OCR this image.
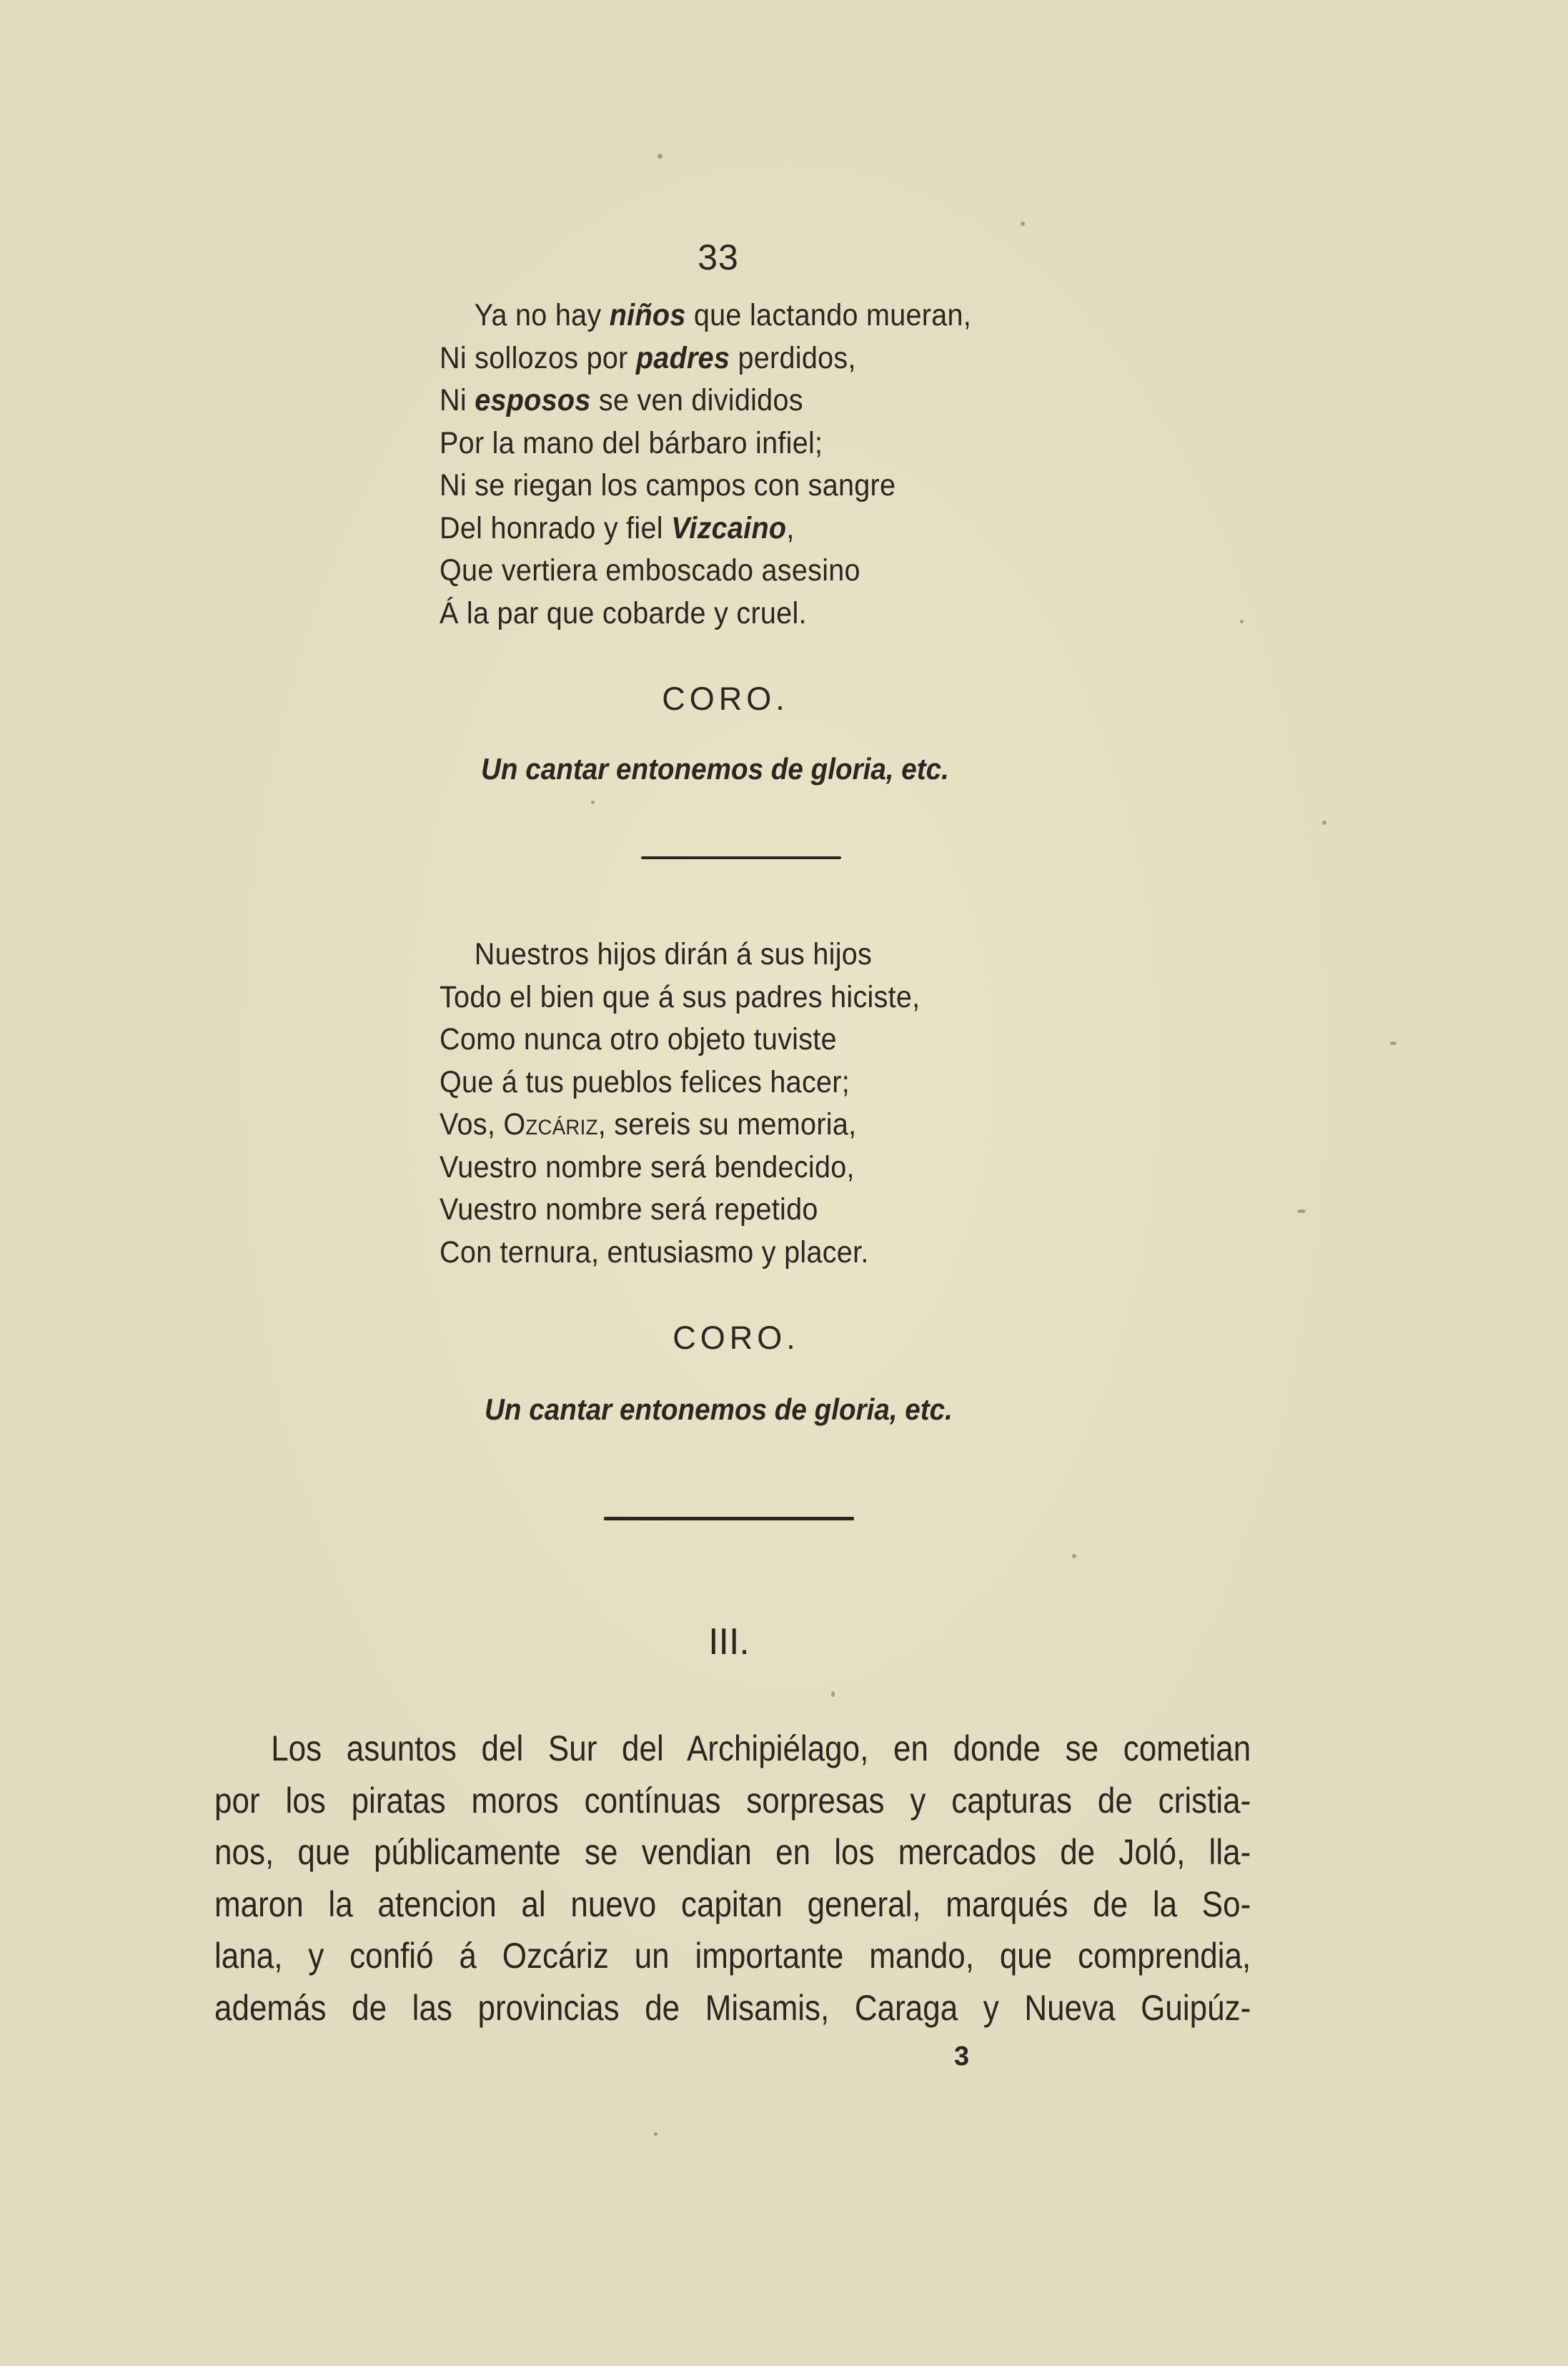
33
Ya no hay niños que lactando mueran,
Ni sollozos por padres perdidos,
Ni esposos se ven divididos
Por la mano del bárbaro infiel;
Ni se riegan los campos con sangre
Del honrado y fiel Vizcaino,
Que vertiera emboscado asesino
Á la par que cobarde y cruel.
CORO.
Un cantar entonemos de gloria, etc.
Nuestros hijos dirán á sus hijos
Todo el bien que á sus padres hiciste,
Como nunca otro objeto tuviste
Que á tus pueblos felices hacer;
Vos, Ozcáriz, sereis su memoria,
Vuestro nombre será bendecido,
Vuestro nombre será repetido
Con ternura, entusiasmo y placer.
CORO.
Un cantar entonemos de gloria, etc.
III.
Los asuntos del Sur del Archipiélago, en donde se cometian
por los piratas moros contínuas sorpresas y capturas de cristia-
nos, que públicamente se vendian en los mercados de Joló, lla-
maron la atencion al nuevo capitan general, marqués de la So-
lana, y confió á Ozcáriz un importante mando, que comprendia,
además de las provincias de Misamis, Caraga y Nueva Guipúz-
3
